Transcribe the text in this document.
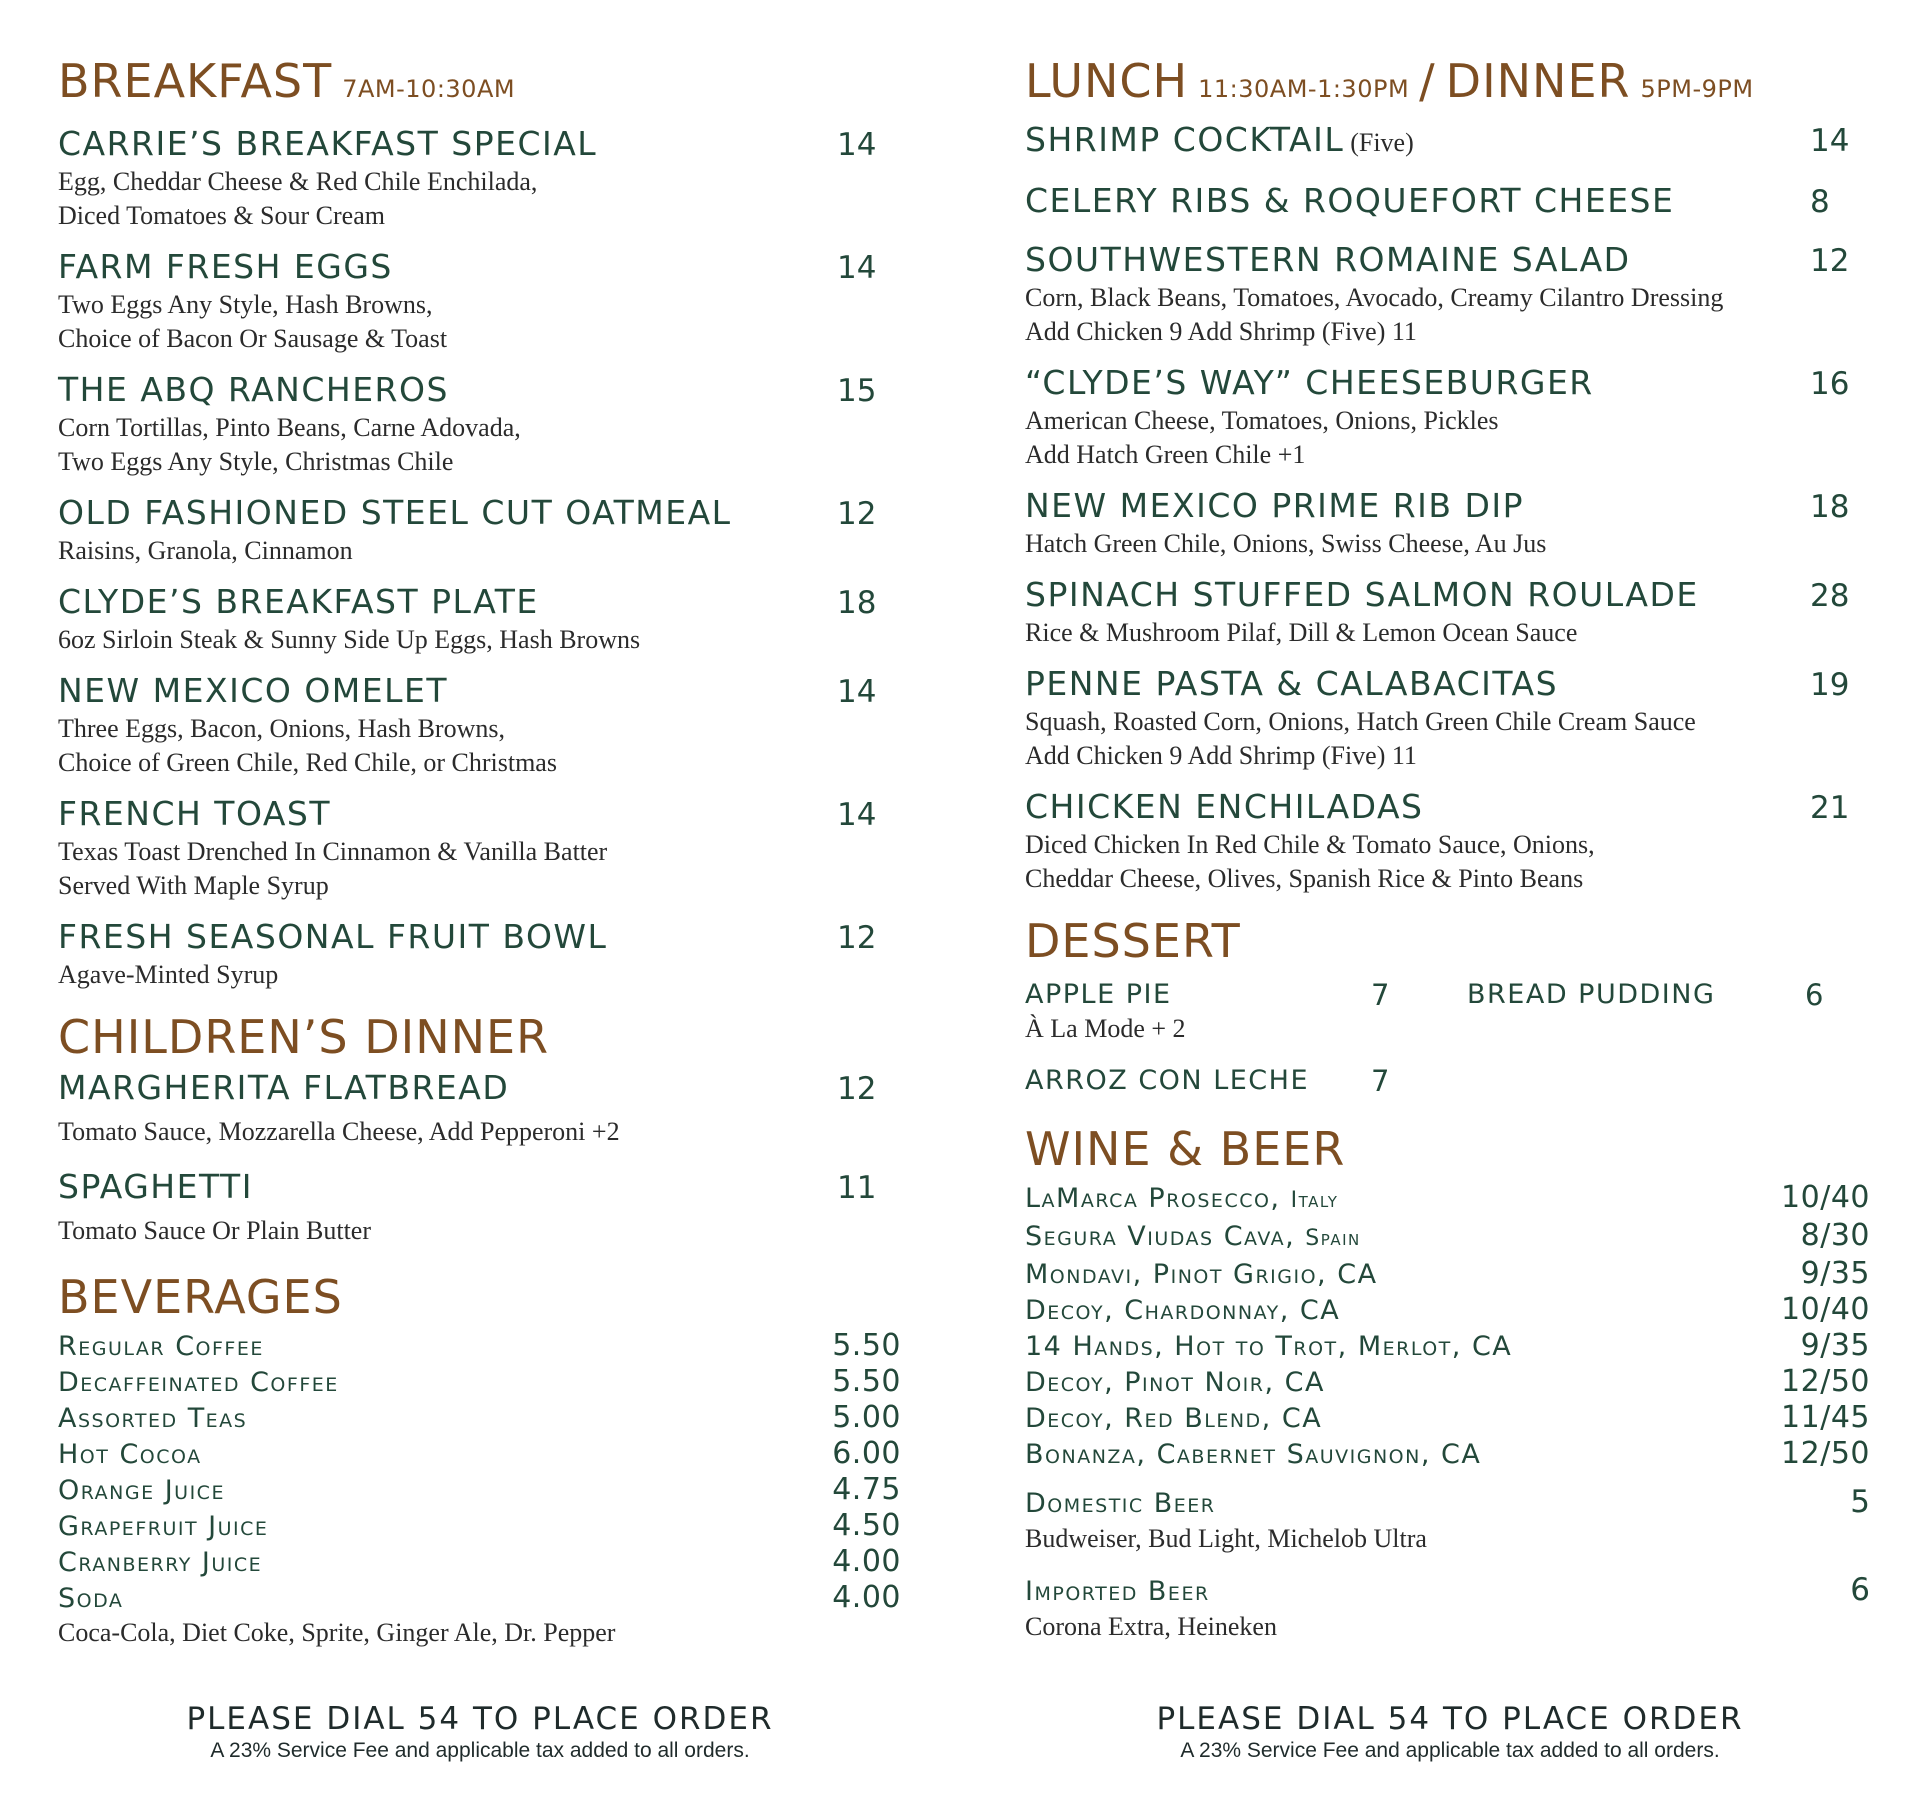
BREAKFAST 7AM-10:30AM
CARRIE’S BREAKFAST SPECIAL	14
Egg, Cheddar Cheese & Red Chile Enchilada,
Diced Tomatoes & Sour Cream
FARM FRESH EGGS	14
Two Eggs Any Style, Hash Browns,
Choice of Bacon Or Sausage & Toast
THE ABQ RANCHEROS	15
Corn Tortillas, Pinto Beans, Carne Adovada,
Two Eggs Any Style, Christmas Chile
OLD FASHIONED STEEL CUT OATMEAL	12
Raisins, Granola, Cinnamon
CLYDE’S BREAKFAST PLATE	18
6oz Sirloin Steak & Sunny Side Up Eggs, Hash Browns
NEW MEXICO OMELET	14
Three Eggs, Bacon, Onions, Hash Browns,
Choice of Green Chile, Red Chile, or Christmas
FRENCH TOAST	14
Texas Toast Drenched In Cinnamon & Vanilla Batter
Served With Maple Syrup
FRESH SEASONAL FRUIT BOWL	12
Agave-Minted Syrup
CHILDREN’S DINNER
MARGHERITA FLATBREAD	12
Tomato Sauce, Mozzarella Cheese, Add Pepperoni +2
SPAGHETTI	11
Tomato Sauce Or Plain Butter
BEVERAGES
Regular Coffee	5.50
Decaffeinated Coffee	5.50
Assorted Teas	5.00
Hot Cocoa	6.00
Orange Juice	4.75
Grapefruit Juice	4.50
Cranberry Juice	4.00
Soda	4.00
Coca-Cola, Diet Coke, Sprite, Ginger Ale, Dr. Pepper
LUNCH 11:30AM-1:30PM / DINNER 5PM-9PM
SHRIMP COCKTAIL (Five)	14
CELERY RIBS & ROQUEFORT CHEESE	8
SOUTHWESTERN ROMAINE SALAD	12
Corn, Black Beans, Tomatoes, Avocado, Creamy Cilantro Dressing
Add Chicken 9 Add Shrimp (Five) 11
“CLYDE’S WAY” CHEESEBURGER	16
American Cheese, Tomatoes, Onions, Pickles
Add Hatch Green Chile +1
NEW MEXICO PRIME RIB DIP	18
Hatch Green Chile, Onions, Swiss Cheese, Au Jus
SPINACH STUFFED SALMON ROULADE	28
Rice & Mushroom Pilaf, Dill & Lemon Ocean Sauce
PENNE PASTA & CALABACITAS	19
Squash, Roasted Corn, Onions, Hatch Green Chile Cream Sauce
Add Chicken 9 Add Shrimp (Five) 11
CHICKEN ENCHILADAS	21
Diced Chicken In Red Chile & Tomato Sauce, Onions,
Cheddar Cheese, Olives, Spanish Rice & Pinto Beans
DESSERT
APPLE PIE	7
À La Mode + 2
BREAD PUDDING	6
ARROZ CON LECHE	7
WINE & BEER
LaMarca Prosecco, Italy	10/40
Segura Viudas Cava, Spain	8/30
Mondavi, Pinot Grigio, CA	9/35
Decoy, Chardonnay, CA	10/40
14 Hands, Hot to Trot, Merlot, CA	9/35
Decoy, Pinot Noir, CA	12/50
Decoy, Red Blend, CA	11/45
Bonanza, Cabernet Sauvignon, CA	12/50
Domestic Beer	5
Budweiser, Bud Light, Michelob Ultra
Imported Beer	6
Corona Extra, Heineken
PLEASE DIAL 54 TO PLACE ORDER
A 23% Service Fee and applicable tax added to all orders.
PLEASE DIAL 54 TO PLACE ORDER
A 23% Service Fee and applicable tax added to all orders.
